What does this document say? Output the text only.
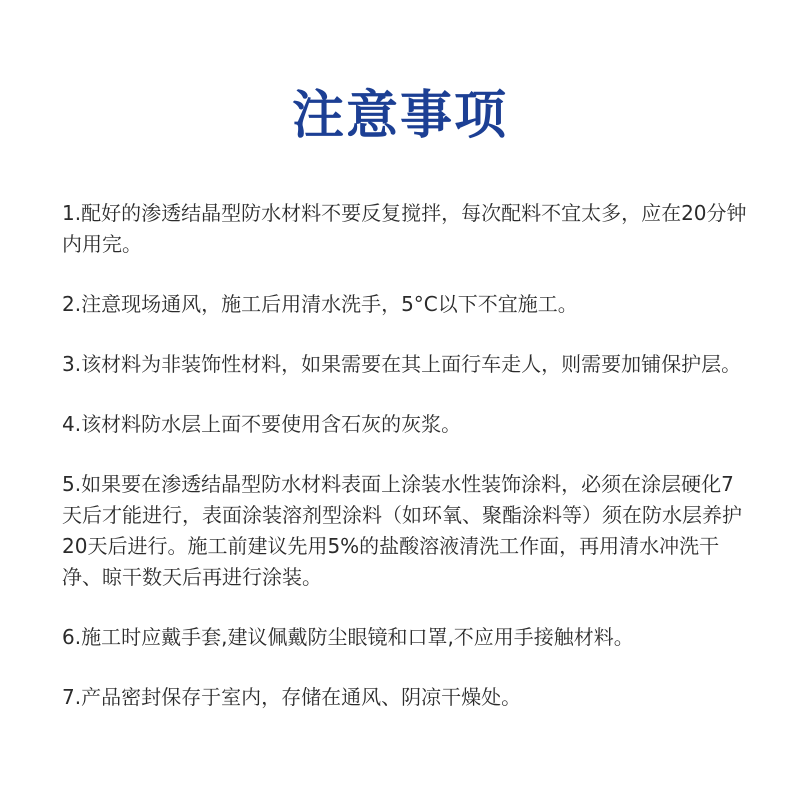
注意事项
1.配好的渗透结晶型防水材料不要反复搅拌，每次配料不宜太多，应在20分钟内用完。
2.注意现场通风，施工后用清水洗手，5°C以下不宜施工。
3.该材料为非装饰性材料，如果需要在其上面行车走人，则需要加铺保护层。
4.该材料防水层上面不要使用含石灰的灰浆。
5.如果要在渗透结晶型防水材料表面上涂装水性装饰涂料，必须在涂层硬化7天后才能进行，表面涂装溶剂型涂料（如环氧、聚酯涂料等）须在防水层养护20天后进行。施工前建议先用5%的盐酸溶液清洗工作面，再用清水冲洗干净、晾干数天后再进行涂装。
6.施工时应戴手套,建议佩戴防尘眼镜和口罩,不应用手接触材料。
7.产品密封保存于室内，存储在通风、阴凉干燥处。
